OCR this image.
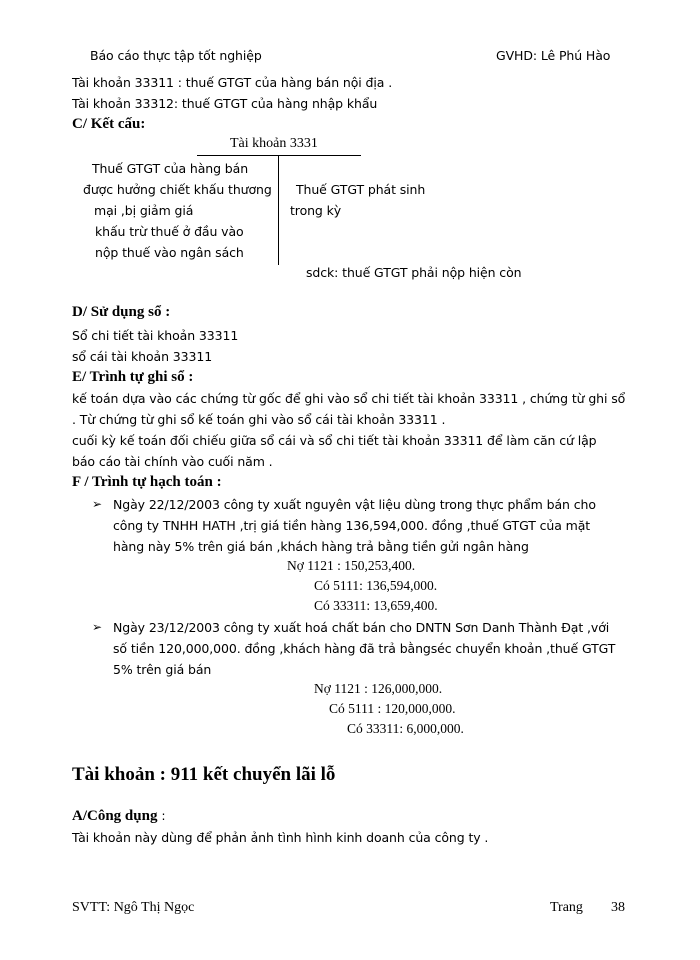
Báo cáo thực tập tốt nghiệp	GVHD: Lê Phú Hào
Tài khoản 33311 : thuế GTGT của hàng bán nội địa .
Tài khoản 33312: thuế GTGT của hàng nhập khẩu
C/ Kết cấu:
Tài khoản 3331
Thuế GTGT của hàng bán
được hưởng chiết khấu thương
mại ,bị giảm giá
khấu trừ thuế ở đầu vào
nộp thuế vào ngân sách
Thuế GTGT phát sinh
trong kỳ
sdck: thuế GTGT phải nộp hiện còn
D/ Sử dụng sổ :
Sổ chi tiết tài khoản 33311
sổ cái tài khoản 33311
E/ Trình tự ghi sổ :
kế toán dựa vào các chứng từ gốc để ghi vào sổ chi tiết tài khoản 33311 , chứng từ ghi sổ
. Từ chứng từ ghi sổ kế toán ghi vào sổ cái tài khoản 33311 .
cuối kỳ kế toán đối chiếu giữa sổ cái và sổ chi tiết tài khoản 33311 để làm căn cứ lập
báo cáo tài chính vào cuối năm .
F / Trình tự hạch toán :
➢ Ngày 22/12/2003 công ty xuất nguyên vật liệu dùng trong thực phẩm bán cho
công ty TNHH HATH ,trị giá tiền hàng 136,594,000. đồng ,thuế GTGT của mặt
hàng này 5% trên giá bán ,khách hàng trả bằng tiền gửi ngân hàng
Nợ 1121 : 150,253,400.
Có 5111: 136,594,000.
Có 33311: 13,659,400.
➢ Ngày 23/12/2003 công ty xuất hoá chất bán cho DNTN Sơn Danh Thành Đạt ,với
số tiền 120,000,000. đồng ,khách hàng đã trả bằngséc chuyển khoản ,thuế GTGT
5% trên giá bán
Nợ 1121 : 126,000,000.
Có 5111 : 120,000,000.
Có 33311: 6,000,000.
Tài khoản : 911 kết chuyển lãi lỗ
A/Công dụng :
Tài khoản này dùng để phản ảnh tình hình kinh doanh của công ty .
SVTT: Ngô Thị Ngọc	Trang 38
